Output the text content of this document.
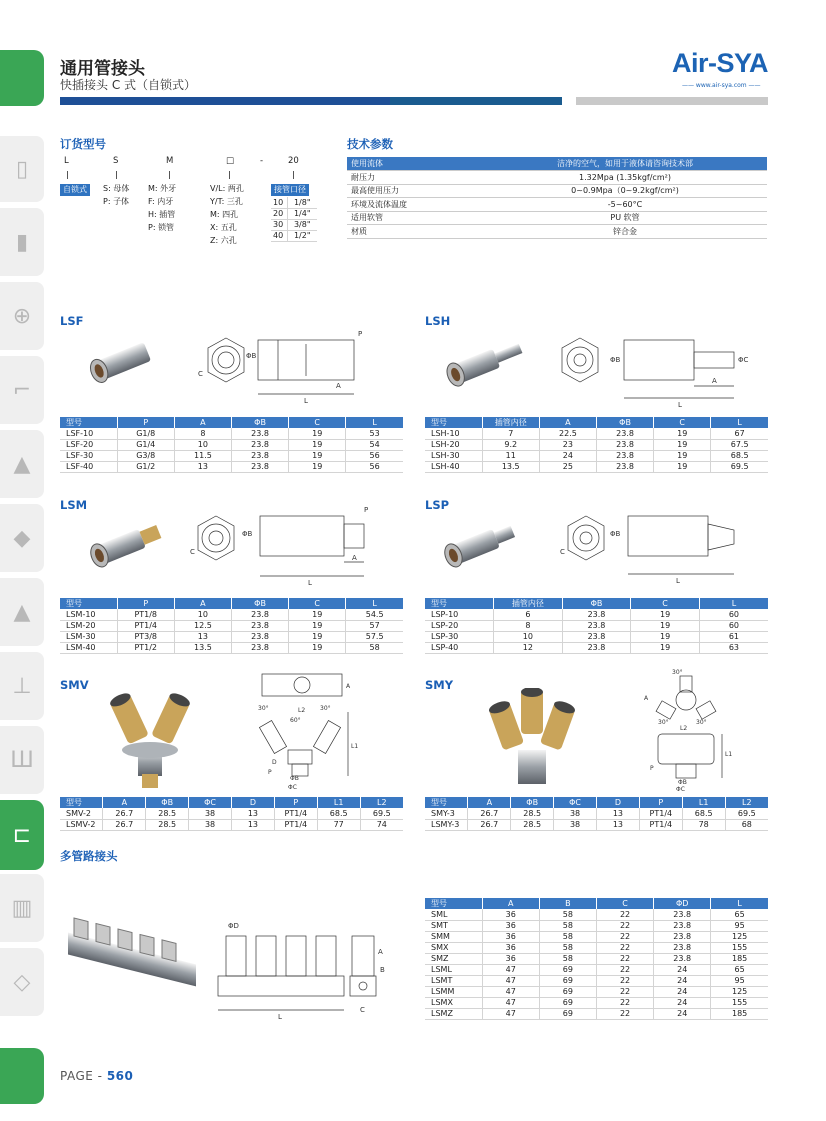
▯
▮
⊕
⌐
▲
◆
▲
⊥
Ш
⊏
▥
◇
通用管接头
快插接头 C 式（自锁式）
Air-SYA
—— www.air-sya.com ——
订货型号
L	S	M	□	-	20
自锁式	S: 母体
P: 子体
M: 外牙
F: 内牙
H: 插管
P: 锁管
V/L: 两孔
Y/T: 三孔
M: 四孔
X: 五孔
Z: 六孔
接管口径
10	1/8"
20	1/4"
30	3/8"
40	1/2"
技术参数
使用流体	洁净的空气，如用于液体请咨询技术部
耐压力	1.32Mpa (1.35kgf/cm²)
最高使用压力	0~0.9Mpa（0~9.2kgf/cm²)
环境及流体温度	-5~60°C
适用软管	PU 软管
材质	锌合金
LSF	LSH
LSM	LSP
SMV	SMY
多管路接头
L
P
ΦB
C
A
L
A
ΦB	ΦC
L
A
P
ΦB
C
L
ΦB
C
A
30°	30°
60°
L2
L1
D
P
ΦB
ΦC
30°
30°	30°
A
L2
L1
P
ΦB
ΦC
ΦD
L
B
A
C
型号	P	A	ΦB	C	L
LSF-10	G1/8	8	23.8	19	53
LSF-20	G1/4	10	23.8	19	54
LSF-30	G3/8	11.5	23.8	19	56
LSF-40	G1/2	13	23.8	19	56
型号	插管内径	A	ΦB	C	L
LSH-10	7	22.5	23.8	19	67
LSH-20	9.2	23	23.8	19	67.5
LSH-30	11	24	23.8	19	68.5
LSH-40	13.5	25	23.8	19	69.5
型号	P	A	ΦB	C	L
LSM-10	PT1/8	10	23.8	19	54.5
LSM-20	PT1/4	12.5	23.8	19	57
LSM-30	PT3/8	13	23.8	19	57.5
LSM-40	PT1/2	13.5	23.8	19	58
型号	插管内径	ΦB	C	L
LSP-10	6	23.8	19	60
LSP-20	8	23.8	19	60
LSP-30	10	23.8	19	61
LSP-40	12	23.8	19	63
型号	A	ΦB	ΦC	D	P	L1	L2
SMV-2	26.7	28.5	38	13	PT1/4	68.5	69.5
LSMV-2	26.7	28.5	38	13	PT1/4	77	74
型号	A	ΦB	ΦC	D	P	L1	L2
SMY-3	26.7	28.5	38	13	PT1/4	68.5	69.5
LSMY-3	26.7	28.5	38	13	PT1/4	78	68
型号	A	B	C	ΦD	L
SML	36	58	22	23.8	65
SMT	36	58	22	23.8	95
SMM	36	58	22	23.8	125
SMX	36	58	22	23.8	155
SMZ	36	58	22	23.8	185
LSML	47	69	22	24	65
LSMT	47	69	22	24	95
LSMM	47	69	22	24	125
LSMX	47	69	22	24	155
LSMZ	47	69	22	24	185
PAGE - 560
